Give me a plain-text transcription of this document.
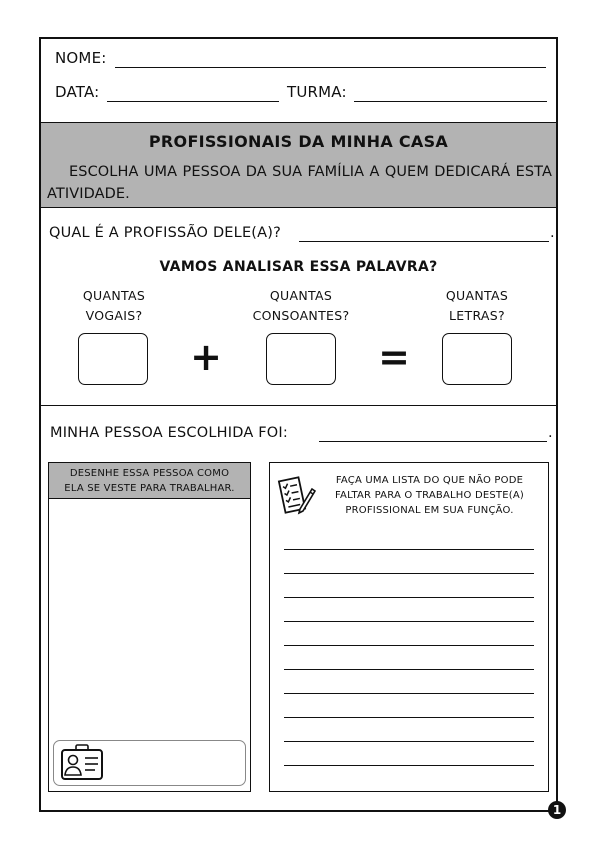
NOME:
DATA:	TURMA:
PROFISSIONAIS DA MINHA CASA
ESCOLHA UMA PESSOA DA SUA FAMÍLIA A QUEM DEDICARÁ ESTA ATIVIDADE.
QUAL É A PROFISSÃO DELE(A)?	.
VAMOS ANALISAR ESSA PALAVRA?
QUANTAS
VOGAIS?
QUANTAS
CONSOANTES?
QUANTAS
LETRAS?
+	=
MINHA PESSOA ESCOLHIDA FOI:	.
DESENHE ESSA PESSOA COMO
ELA SE VESTE PARA TRABALHAR.
FAÇA UMA LISTA DO QUE NÃO PODE
FALTAR PARA O TRABALHO DESTE(A)
PROFISSIONAL EM SUA FUNÇÃO.
1
